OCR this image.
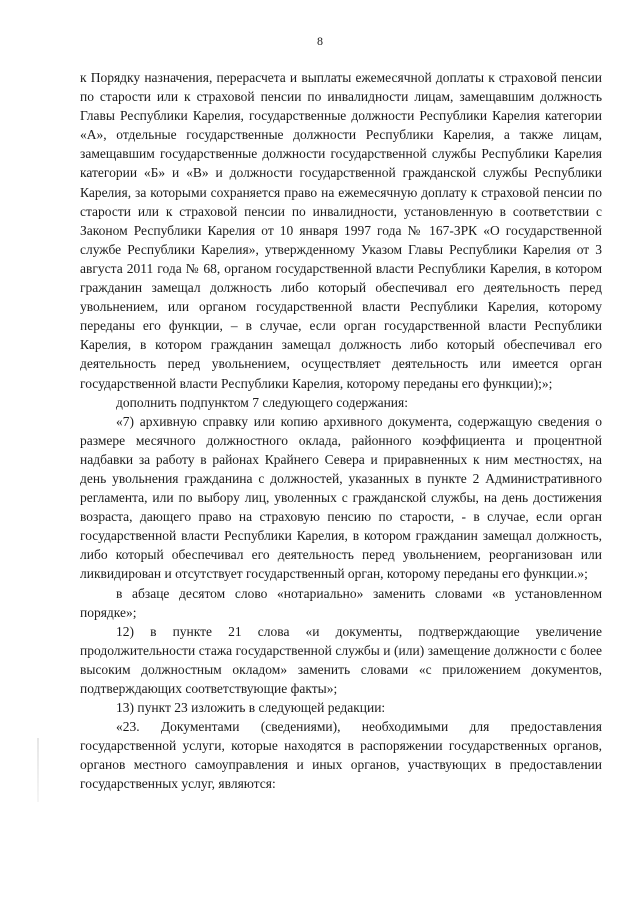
8

к Порядку назначения, перерасчета и выплаты ежемесячной доплаты к страховой пенсии по старости или к страховой пенсии по инвалидности лицам, замещавшим должность Главы Республики Карелия, государственные должности Республики Карелия категории «А», отдельные государственные должности Республики Карелия, а также лицам, замещавшим государственные должности государственной службы Республики Карелия категории «Б» и «В» и должности государственной гражданской службы Республики Карелия, за которыми сохраняется право на ежемесячную доплату к страховой пенсии по старости или к страховой пенсии по инвалидности, установленную в соответствии с Законом Республики Карелия от 10 января 1997 года № 167-ЗРК «О государственной службе Республики Карелия», утвержденному Указом Главы Республики Карелия от 3 августа 2011 года № 68, органом государственной власти Республики Карелия, в котором гражданин замещал должность либо который обеспечивал его деятельность перед увольнением, или органом государственной власти Республики Карелия, которому переданы его функции, – в случае, если орган государственной власти Республики Карелия, в котором гражданин замещал должность либо который обеспечивал его деятельность перед увольнением, осуществляет деятельность или имеется орган государственной власти Республики Карелия, которому переданы его функции);»;

дополнить подпунктом 7 следующего содержания:

«7) архивную справку или копию архивного документа, содержащую сведения о размере месячного должностного оклада, районного коэффициента и процентной надбавки за работу в районах Крайнего Севера и приравненных к ним местностях, на день увольнения гражданина с должностей, указанных в пункте 2 Административного регламента, или по выбору лиц, уволенных с гражданской службы, на день достижения возраста, дающего право на страховую пенсию по старости, - в случае, если орган государственной власти Республики Карелия, в котором гражданин замещал должность, либо который обеспечивал его деятельность перед увольнением, реорганизован или ликвидирован и отсутствует государственный орган, которому переданы его функции.»;

в абзаце десятом слово «нотариально» заменить словами «в установленном порядке»;

12) в пункте 21 слова «и документы, подтверждающие увеличение продолжительности стажа государственной службы и (или) замещение должности с более высоким должностным окладом» заменить словами «с приложением документов, подтверждающих соответствующие факты»;

13) пункт 23 изложить в следующей редакции:

«23. Документами (сведениями), необходимыми для предоставления государственной услуги, которые находятся в распоряжении государственных органов, органов местного самоуправления и иных органов, участвующих в предоставлении государственных услуг, являются:
